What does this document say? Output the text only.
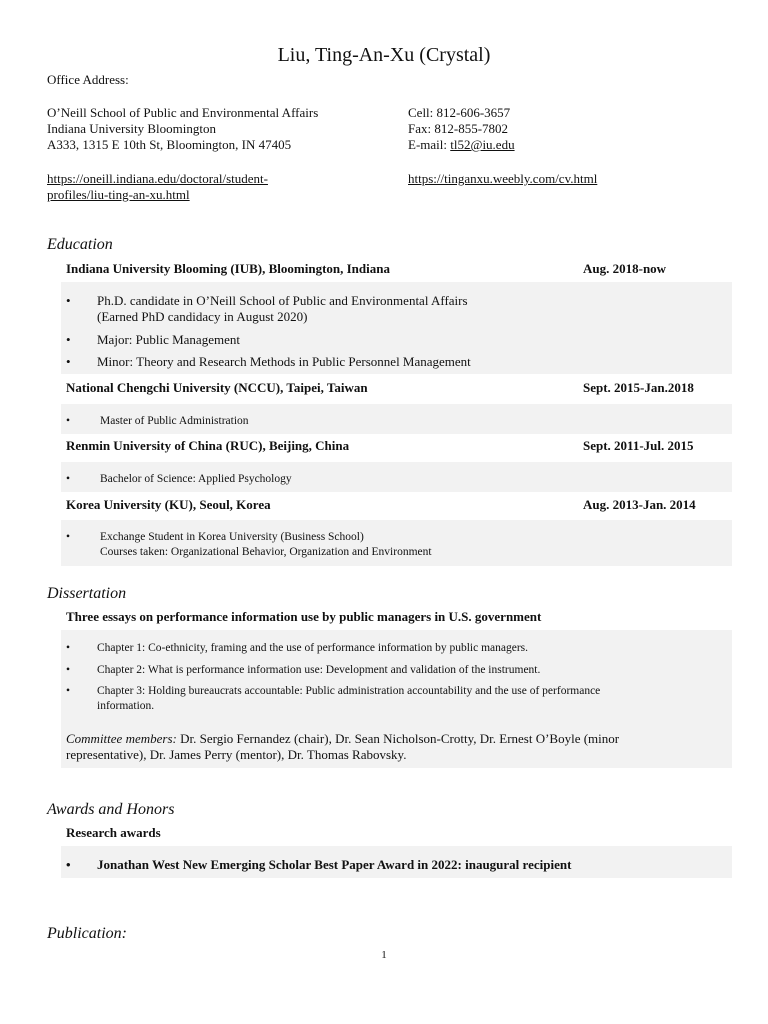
Liu, Ting-An-Xu (Crystal)
Office Address:
O’Neill School of Public and Environmental Affairs
Indiana University Bloomington
A333, 1315 E 10th St, Bloomington, IN 47405
Cell: 812-606-3657
Fax: 812-855-7802
E-mail: tl52@iu.edu
https://oneill.indiana.edu/doctoral/student-
profiles/liu-ting-an-xu.html
https://tinganxu.weebly.com/cv.html
Education
Indiana University Blooming (IUB), Bloomington, Indiana	Aug. 2018-now
• Ph.D. candidate in O’Neill School of Public and Environmental Affairs
(Earned PhD candidacy in August 2020)
• Major: Public Management
• Minor: Theory and Research Methods in Public Personnel Management
National Chengchi University (NCCU), Taipei, Taiwan	Sept. 2015-Jan.2018
•	Master of Public Administration
Renmin University of China (RUC), Beijing, China	Sept. 2011-Jul. 2015
•	Bachelor of Science: Applied Psychology
Korea University (KU), Seoul, Korea	Aug. 2013-Jan. 2014
•	Exchange Student in Korea University (Business School)
Courses taken: Organizational Behavior, Organization and Environment
Dissertation
Three essays on performance information use by public managers in U.S. government
• Chapter 1: Co-ethnicity, framing and the use of performance information by public managers.
• Chapter 2: What is performance information use: Development and validation of the instrument.
• Chapter 3: Holding bureaucrats accountable: Public administration accountability and the use of performance
information.
Committee members: Dr. Sergio Fernandez (chair), Dr. Sean Nicholson-Crotty, Dr. Ernest O’Boyle (minor
representative), Dr. James Perry (mentor), Dr. Thomas Rabovsky.
Awards and Honors
Research awards
• Jonathan West New Emerging Scholar Best Paper Award in 2022: inaugural recipient
Publication:
1
